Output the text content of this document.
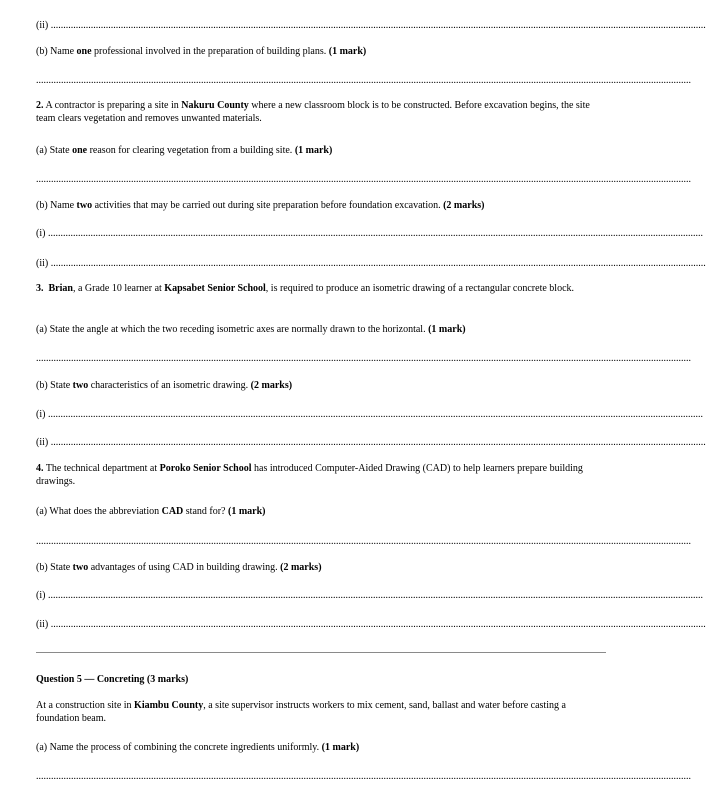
(ii) ......................................................................................................................................................................................................................................................................
(b) Name one professional involved in the preparation of building plans. (1 mark)
......................................................................................................................................................................................................................................................................
2. A contractor is preparing a site in Nakuru County where a new classroom block is to be constructed. Before excavation begins, the site team clears vegetation and removes unwanted materials.
(a) State one reason for clearing vegetation from a building site. (1 mark)
......................................................................................................................................................................................................................................................................
(b) Name two activities that may be carried out during site preparation before foundation excavation. (2 marks)
(i) ......................................................................................................................................................................................................................................................................
(ii) ......................................................................................................................................................................................................................................................................
3. Brian, a Grade 10 learner at Kapsabet Senior School, is required to produce an isometric drawing of a rectangular concrete block.
(a) State the angle at which the two receding isometric axes are normally drawn to the horizontal. (1 mark)
......................................................................................................................................................................................................................................................................
(b) State two characteristics of an isometric drawing. (2 marks)
(i) ......................................................................................................................................................................................................................................................................
(ii) ......................................................................................................................................................................................................................................................................
4. The technical department at Poroko Senior School has introduced Computer-Aided Drawing (CAD) to help learners prepare building drawings.
(a) What does the abbreviation CAD stand for? (1 mark)
......................................................................................................................................................................................................................................................................
(b) State two advantages of using CAD in building drawing. (2 marks)
(i) ......................................................................................................................................................................................................................................................................
(ii) ......................................................................................................................................................................................................................................................................
Question 5 — Concreting (3 marks)
At a construction site in Kiambu County, a site supervisor instructs workers to mix cement, sand, ballast and water before casting a foundation beam.
(a) Name the process of combining the concrete ingredients uniformly. (1 mark)
......................................................................................................................................................................................................................................................................
